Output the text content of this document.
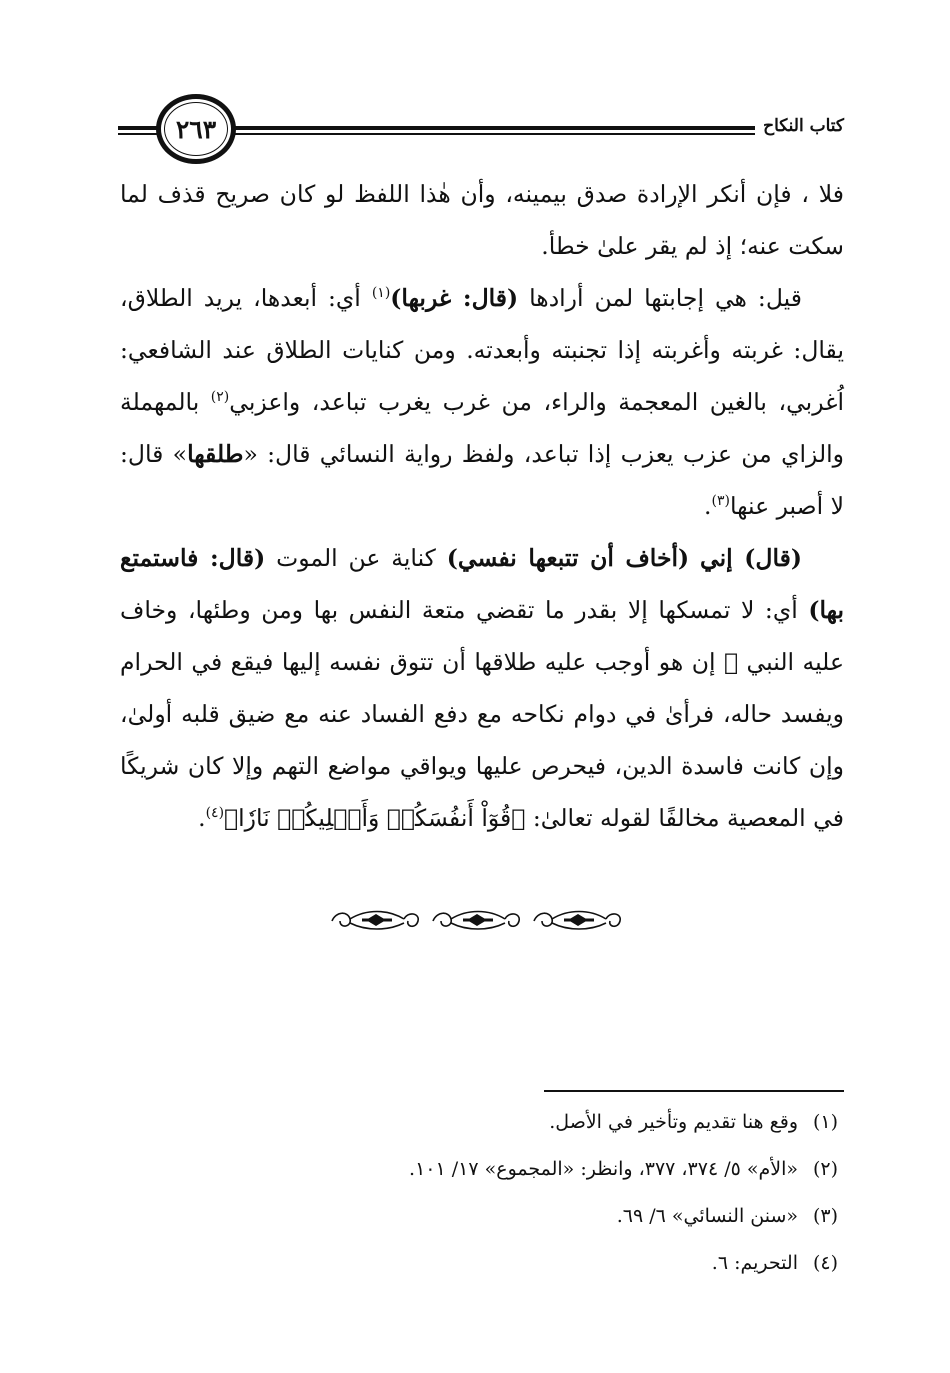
كتاب النكاح
٢٦٣

فلا ، فإن أنكر الإرادة صدق بيمينه، وأن هٰذا اللفظ لو كان صريح قذف لما سكت عنه؛ إذ لم يقر علىٰ خطأ.

قيل: هي إجابتها لمن أرادها (قال: غربها)$^{(١)}$ أي: أبعدها، يريد الطلاق، يقال: غربته وأغربته إذا تجنبته وأبعدته. ومن كنايات الطلاق عند الشافعي: اُغربي، بالغين المعجمة والراء، من غرب يغرب تباعد، واعزبي$^{(٢)}$ بالمهملة والزاي من عزب يعزب إذا تباعد، ولفظ رواية النسائي قال: «طلقها» قال: لا أصبر عنها$^{(٣)}$.

(قال) إني (أخاف أن تتبعها نفسي) كناية عن الموت (قال: فاستمتع بها) أي: لا تمسكها إلا بقدر ما تقضي متعة النفس بها ومن وطئها، وخاف عليه النبي ﷺ إن هو أوجب عليه طلاقها أن تتوق نفسه إليها فيقع في الحرام ويفسد حاله، فرأىٰ في دوام نكاحه مع دفع الفساد عنه مع ضيق قلبه أولىٰ، وإن كانت فاسدة الدين، فيحرص عليها ويواقي مواضع التهم وإلا كان شريكًا في المعصية مخالفًا لقوله تعالىٰ: ﴿قُوٓاْ أَنفُسَكُمۡ وَأَهۡلِيكُمۡ نَارٗا﴾$^{(٤)}$.

(١)وقع هنا تقديم وتأخير في الأصل.
(٢)«الأم» ٥/ ٣٧٤، ٣٧٧، وانظر: «المجموع» ١٧/ ١٠١.
(٣)«سنن النسائي» ٦/ ٦٩.
(٤)التحريم: ٦.
